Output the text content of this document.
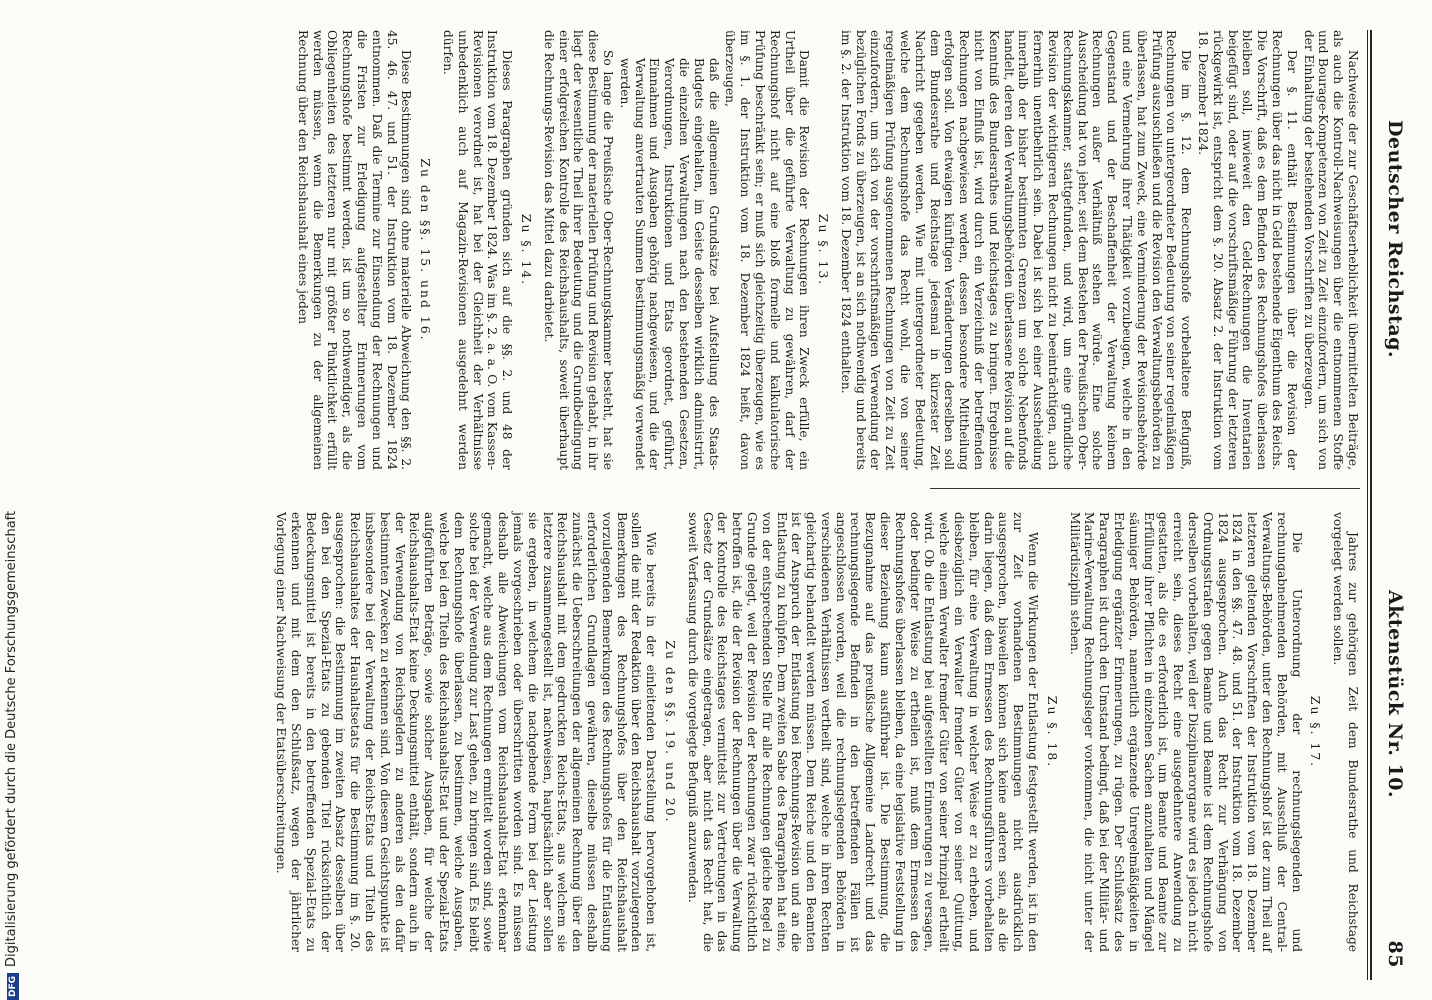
Deutscher Reichstag.
Aktenstück Nr. 10.
85

Nachweise der zur Geschäftserheblichkeit übermittelten Beiträge, als auch die Kontroll-Nachweisungen über die entnommenen Stoffe und Bourage-Kompetenzen von Zeit zu Zeit einzufordern, um sich von der Einhaltung der bestehenden Vorschriften zu überzeugen.

Der §. 11. enthält Bestimmungen über die Revision der Rechnungen über das nicht in Geld bestehende Eigenthum des Reichs. Die Vorschrift, daß es dem Befinden des Rechnungshofes überlassen bleiben soll, inwieweit den Geld-Rechnungen die Inventarien beigefügt sind, oder auf die vorschriftsmäßige Führung der letzteren rückgewirkt ist, entspricht dem §. 20. Absatz 2. der Instruktion vom 18. Dezember 1824.

Die im §. 12. dem Rechnungshofe vorbehaltene Befugniß, Rechnungen von untergeordneter Bedeutung von seiner regelmäßigen Prüfung auszuschließen und die Revision den Verwaltungsbehörden zu überlassen, hat zum Zweck, eine Verminderung der Revisionsbehörde und eine Vermehrung ihrer Thätigkeit vorzubeugen, welche in den Gegenstand und der Beschaffenheit der Verwaltung keinem Rechnungen außer Verhältniß stehen würde. Eine solche Ausscheidung hat von jeher, seit dem Bestehen der Preußischen Ober-Rechnungskammer, stattgefunden, und wird, um eine gründliche Revision der wichtigeren Rechnungen nicht zu beeinträchtigen, auch fernerhin unentbehrlich sein. Dabei ist sich bei einer Ausscheidung innerhalb der bisher bestimmten Grenzen um solche Nebenfonds handelt, deren den Verwaltungsbehörden überlassene Revision auf die Kenntniß des Bundesrathes und Reichstages zu bringen. Ergebnisse nicht von Einfluß ist, wird durch ein Verzeichniß der betreffenden Rechnungen nachgewiesen werden, dessen besondere Mittheilung erfolgen soll. Von etwaigen künftigen Veränderungen derselben soll dem Bundesrathe und Reichstage jedesmal in kürzester Zeit Nachricht gegeben werden. Wie mit untergeordneter Bedeutung, welche dem Rechnungshofe das Recht wohl, die von seiner regelmäßigen Prüfung ausgenommenen Rechnungen von Zeit zu Zeit einzufordern, um sich von der vorschriftsmäßigen Verwendung der bezüglichen Fonds zu überzeugen, ist an sich nothwendig und bereits im §. 2. der Instruktion vom 18. Dezember 1824 enthalten.

Zu §. 13.

Damit die Revision der Rechnungen ihren Zweck erfülle, ein Urtheil über die geführte Verwaltung zu gewähren, darf der Rechnungshof nicht auf eine bloß formelle und kalkulatorische Prüfung beschränkt sein; er muß sich gleichzeitig überzeugen, wie es im §. 1. der Instruktion vom 18. Dezember 1824 heißt, davon überzeugen,

daß die allgemeinen Grundsätze bei Aufstellung des Staats-Budgets eingehalten, im Geiste desselben wirklich administrirt, die einzelnen Verwaltungen nach den bestehenden Gesetzen, Verordnungen, Instruktionen und Etats geordnet, geführt, Einnahmen und Ausgaben gehörig nachgewiesen, und die der Verwaltung anvertrauten Summen bestimmungsmäßig verwendet werden.

So lange die Preußische Ober-Rechnungskammer besteht, hat sie diese Bestimmung der materiellen Prüfung und Revision gehabt, in ihr liegt der wesentliche Theil ihrer Bedeutung und die Grundbedingung einer erfolgreichen Kontrolle des Reichshaushalts, soweit überhaupt die Rechnungs-Revision das Mittel dazu darbietet.

Zu §. 14.

Dieses Paragraphen gründen sich auf die §§. 2. und 48 der Instruktion vom 18. Dezember 1824. Was im §. 2. a. a. O. vom Kassen-Revisionen verordnet ist, hat bei der Gleichheit der Verhältnisse unbedenklich auch auf Magazin-Revisionen ausgedehnt werden dürfen.

Zu den §§. 15. und 16.

Diese Bestimmungen sind ohne materielle Abweichung den §§. 2. 45. 46. 47. und 51. der Instruktion vom 18. Dezember 1824 entnommen. Daß die Termine zur Einsendung der Rechnungen und die Fristen zur Erledigung aufgestellter Erinnerungen vom Rechnungshofe bestimmt werden, ist um so nothwendiger, als die Obliegenheiten des letzteren nur mit größter Pünktlichkeit erfüllt werden müssen, wenn die Bemerkungen zu der allgemeinen Rechnung über den Reichshaushalt eines jeden

Jahres zur gehörigen Zeit dem Bundesrathe und Reichstage vorgelegt werden sollen.

Zu §. 17.

Die Unterordnung der rechnungslegenden und rechnungabnehmenden Behörden, mit Ausschluß der Central-Verwaltungs-Behörden, unter den Rechnungshof ist der zum Theil auf letzteren geltenden Vorschriften der Instruktion vom 18. Dezember 1824 in den §§. 47. 48. und 51. der Instruktion vom 18. Dezember 1824 ausgesprochen. Auch das Recht zur Verhängung von Ordnungsstrafen gegen Beamte und Beamte ist dem Rechnungshofe derselben vorbehalten, weil der Disziplinarorgane wird es jedoch nicht erreicht sein, dieses Recht eine ausgedehntere Anwendung zu gestatten, als die es erforderlich ist, um Beamte und Beamte zur Erfüllung ihrer Pflichten in einzelnen Sachen anzuhalten und Mängel säumiger Behörden, namentlich ergänzende Unregelmäßigkeiten in Erledigung ergänzter Erinnerungen, zu rügen. Der Schlußsatz des Paragraphen ist durch den Umstand bedingt, daß bei der Militär- und Marine-Verwaltung Rechnungsleger vorkommen, die nicht unter der Militärdisziplin stehen.

Zu §. 18.

Wenn die Wirkungen der Entlastung festgestellt werden, ist in den zur Zeit vorhandenen Bestimmungen nicht ausdrücklich ausgesprochen, bisweilen können sich keine anderen sein, als die darin liegen, daß dem Ermessen des Rechnungsführers vorbehalten bleiben, für eine Verwaltung in welcher Weise er zu erheben, und diesbezüglich ein Verwalter fremder Güter von seiner Quittung, welche einem Verwalter fremder Güter von seiner Prinzipal ertheilt wird. Ob die Entlastung bei aufgestellten Erinnerungen zu versagen, oder bedingter Weise zu ertheilen ist, muß dem Ermessen des Rechnungshofes überlassen bleiben, da eine legislative Feststellung in dieser Beziehung kaum ausführbar ist. Die Bestimmung, die Bezugnahme auf das preußische Allgemeine Landrecht und das rechnungslegende Befinden in den betreffenden Fällen ist angeschlossen worden, weil die rechnungslegenden Behörden in verschiedenen Verhältnissen vertheilt sind, welche in ihren Rechten gleichartig behandelt werden müssen. Dem Reiche und den Beamten ist der Anspruch der Entlastung bei Rechnungs-Revision und an die Entlastung zu knüpfen. Dem zweiten Sabe des Paragraphen hat eine, von der entsprechenden Stelle für alle Rechnungen gleiche Regel zu Grunde gelegt, weil der Revision der Rechnungen zwar rücksichtlich betroffen ist, die der Revision der Rechnungen über die Verwaltung der Kontrolle des Reichstages vermittelst zur Vertretungen in das Gesetz der Grundsätze eingetragen, aber nicht das Recht hat, die soweit Verfassung durch die vorgelegte Befugniß anzuwenden.

Zu den §§. 19. und 20.

Wie bereits in der einleitenden Darstellung hervorgehoben ist, sollen die mit der Redaktion über den Reichshaushalt vorzulegenden Bemerkungen des Rechnungshofes über den Reichshaushalt vorzulegenden Bemerkungen des Rechnungshofes für die Entlastung erforderlichen Grundlagen gewähren, dieselbe müssen deshalb zunächst die Ueberschreitungen der allgemeinen Rechnung über den Reichshaushalt mit dem gedruckten Reichs-Etats, aus welchem sie letztere zusammengestellt ist, nachweisen, hauptsächlich aber sollen sie ergeben, in welchem die nachgebende Form bei der Leistung jemals vorgeschrieben oder überschritten worden sind. Es müssen deshalb alle Abweichungen vom Reichshaushalts-Etat erkennbar gemacht, welche aus dem Rechnungen ermittelt worden sind, sowie solche bei der Verwendung zur Last gehen, zu bringen sind. Es bleibt dem Rechnungshofe überlassen, zu bestimmen, welche Ausgaben, welche bei den Titeln des Reichshaushalts-Etat und der Spezial-Etats aufgeführten Beträge, sowie solcher Ausgaben, für welche der Reichshaushalts-Etat keine Deckungsmittel enthält, sondern auch in der Verwendung von Reichsgeldern zu anderen als den dafür bestimmten Zwecken zu erkennen sind. Von diesem Gesichtspunkte ist insbesondere bei der Verwaltung der Reichs-Etats und Titeln des Reichshaushaltes der Haushaltsetats für die Bestimmung im §. 20. ausgesprochen: die Bestimmung im zweiten Absatz desselben über den bei den Spezial-Etats zu gebenden Titel rücksichtlich der Bedeckungsmittel ist bereits in den betreffenden Spezial-Etats zu erkennen und mit dem den Schlußsatz, wegen der jährlicher Vorlegung einer Nachweisung der Etatsüberschreitungen.

DFGDigitalisierung gefördert durch die Deutsche Forschungsgemeinschaft
